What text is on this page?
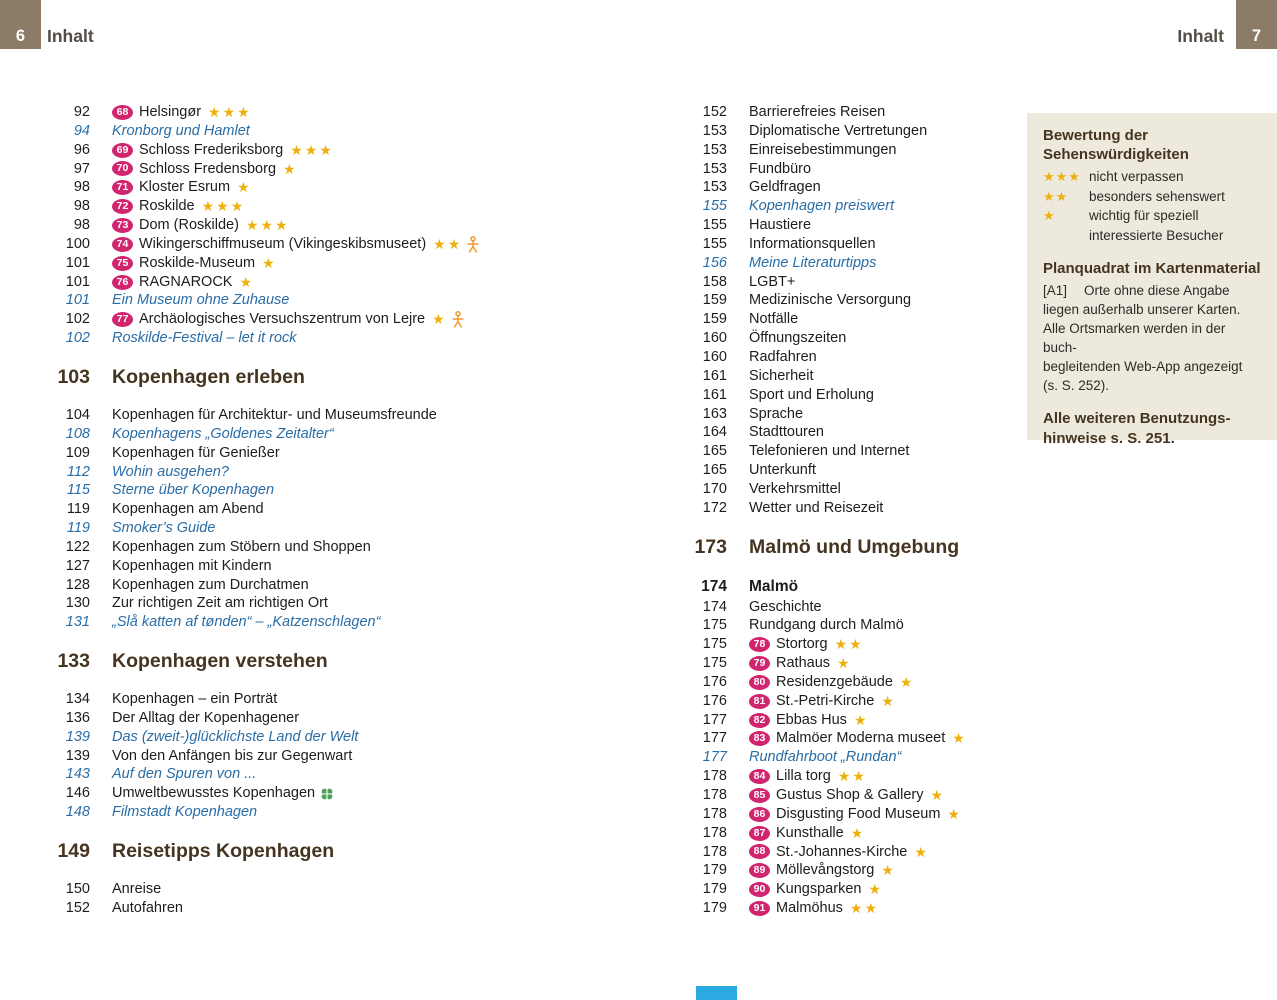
6 Inhalt	Inhalt 7
92	68 Helsingør ★★★
94 Kronborg und Hamlet
96	69 Schloss Frederiksborg ★★★
97	70 Schloss Fredensborg ★
98	71 Kloster Esrum ★
98	72 Roskilde ★★★
98	73 Dom (Roskilde) ★★★
100	74 Wikingerschiffmuseum (Vikingeskibsmuseet) ★★
101	75 Roskilde-Museum ★
101	76 RAGNAROCK ★
101 Ein Museum ohne Zuhause
102	77 Archäologisches Versuchszentrum von Lejre ★
102 Roskilde-Festival – let it rock
103 Kopenhagen erleben
104 Kopenhagen für Architektur- und Museumsfreunde
108 Kopenhagens „Goldenes Zeitalter“
109 Kopenhagen für Genießer
112 Wohin ausgehen?
115 Sterne über Kopenhagen
119 Kopenhagen am Abend
119 Smoker’s Guide
122 Kopenhagen zum Stöbern und Shoppen
127 Kopenhagen mit Kindern
128 Kopenhagen zum Durchatmen
130 Zur richtigen Zeit am richtigen Ort
131 „Slå katten af tønden“ – „Katzenschlagen“
133 Kopenhagen verstehen
134 Kopenhagen – ein Porträt
136 Der Alltag der Kopenhagener
139 Das (zweit-)glücklichste Land der Welt
139 Von den Anfängen bis zur Gegenwart
143 Auf den Spuren von ...
146 Umweltbewusstes Kopenhagen
148 Filmstadt Kopenhagen
149 Reisetipps Kopenhagen
150 Anreise
152 Autofahren
152 Barrierefreies Reisen
153 Diplomatische Vertretungen
153 Einreisebestimmungen
153 Fundbüro
153 Geldfragen
155 Kopenhagen preiswert
155 Haustiere
155 Informationsquellen
156 Meine Literaturtipps
158 LGBT+
159 Medizinische Versorgung
159 Notfälle
160 Öffnungszeiten
160 Radfahren
161 Sicherheit
161 Sport und Erholung
163 Sprache
164 Stadttouren
165 Telefonieren und Internet
165 Unterkunft
170 Verkehrsmittel
172 Wetter und Reisezeit
173 Malmö und Umgebung
174 Malmö
174 Geschichte
175 Rundgang durch Malmö
175	78 Stortorg ★★
175	79 Rathaus ★
176	80 Residenzgebäude ★
176	81 St.-Petri-Kirche ★
177	82 Ebbas Hus ★
177	83 Malmöer Moderna museet ★
177 Rundfahrboot „Rundan“
178	84 Lilla torg ★★
178	85 Gustus Shop & Gallery ★
178	86 Disgusting Food Museum ★
178	87 Kunsthalle ★
178	88 St.-Johannes-Kirche ★
179	89 Möllevångstorg ★
179	90 Kungsparken ★
179	91 Malmöhus ★★
Bewertung der Sehenswürdigkeiten
★★★ nicht verpassen
★★	besonders sehenswert
★	wichtig für speziell
interessierte Besucher
Planquadrat im Kartenmaterial
[A1]	Orte ohne diese Angabe
liegen außerhalb unserer Karten.
Alle Ortsmarken werden in der buch-
begleitenden Web-App angezeigt
(s. S. 252).
Alle weiteren Benutzungs-
hinweise s. S. 251.
